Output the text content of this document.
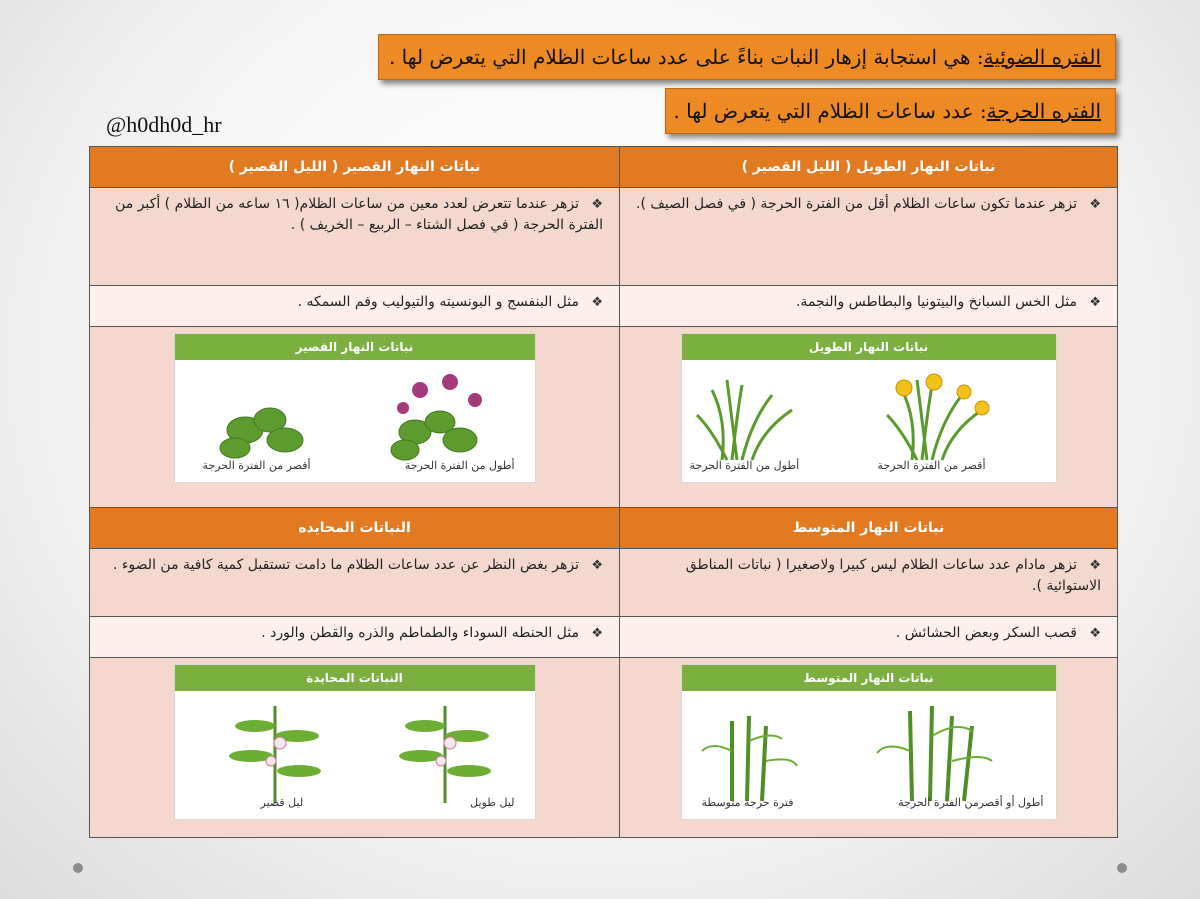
الفتره الضوئية
: هي استجابة إزهار النبات بناءً على عدد ساعات الظلام التي يتعرض لها .
الفتره الحرجة
: عدد ساعات الظلام التي يتعرض لها .
@h0dh0d_hr
نباتات النهار الطويل ( الليل القصير )	نباتات النهار القصير ( الليل القصير )
❖تزهر عندما تكون ساعات الظلام أقل من الفترة الحرجة ( في فصل الصيف ).	❖تزهر عندما تتعرض لعدد معين من ساعات الظلام( ١٦ ساعه من الظلام ) أكبر من الفترة الحرجة ( في فصل الشتاء – الربيع – الخريف ) .
❖مثل الخس السبانخ والبيتونيا والبطاطس والنجمة.	❖مثل البنفسج و البونسيته والتيوليب وفم السمكه .

نباتات النهار الطويل
أقصر من الفترة الحرجة
أطول من الفترة الحرجة	نباتات النهار القصير
أطول من الفترة الحرجة
أقصر من الفترة الحرجة

نباتات النهار المتوسط	النباتات المحايده
❖تزهر مادام عدد ساعات الظلام ليس كبيرا ولاصغيرا ( نباتات المناطق الاستوائية ).	❖تزهر بغض النظر عن عدد ساعات الظلام ما دامت تستقبل كمية كافية من الضوء .
❖قصب السكر وبعض الحشائش .	❖مثل الحنطه السوداء والطماطم والذره والقطن والورد .

نباتات النهار المتوسط
أطول أو أقصرمن الفترة الحرجة
فترة حرجة متوسطة	النباتات المحايدة
ليل طويل
ليل قصير
